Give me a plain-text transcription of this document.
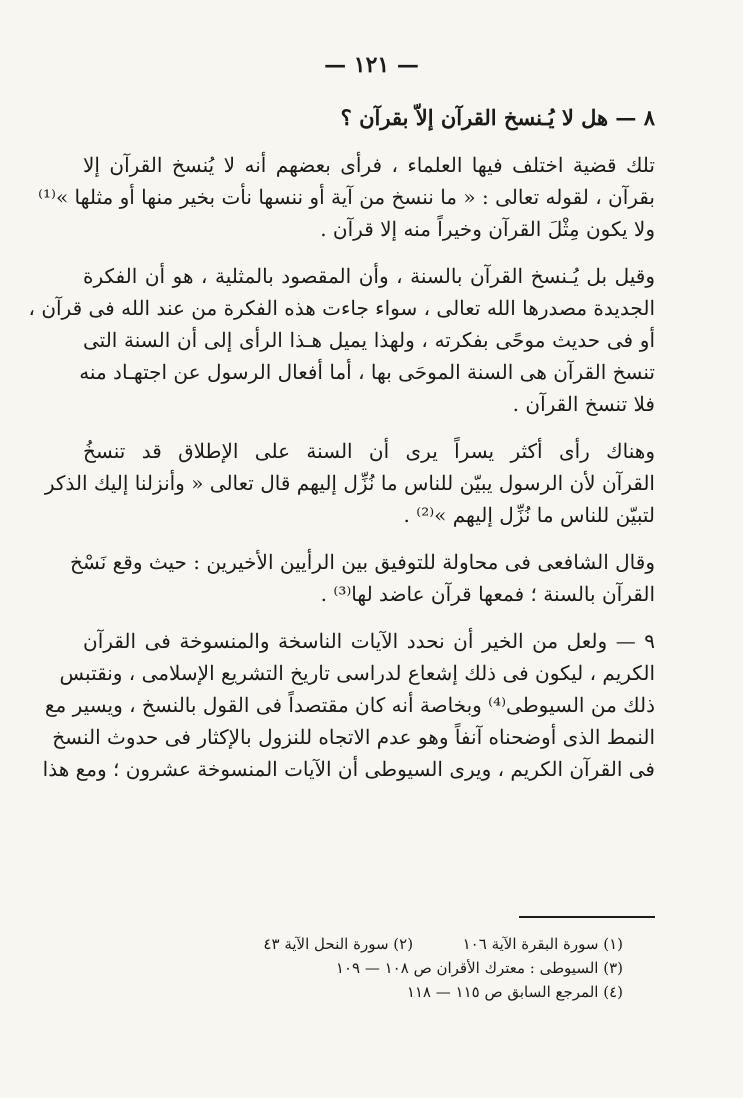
— ١٢١ —
٨ — هل لا يُـنسخ القرآن إلاّ بقرآن ؟
تلك قضية اختلف فيها العلماء ، فرأى بعضهم أنه لا يُنسخ القرآن إلا
بقرآن ، لقوله تعالى : « ما ننسخ من آية أو ننسها نأت بخير منها أو مثلها »⁽¹⁾
ولا يكون مِثْلَ القرآن وخيراً منه إلا قرآن .
وقيل بل يُـنسخ القرآن بالسنة ، وأن المقصود بالمثلية ، هو أن الفكرة
الجديدة مصدرها الله تعالى ، سواء جاءت هذه الفكرة من عند الله فى قرآن ،
أو فى حديث موحًى بفكرته ، ولهذا يميل هـذا الرأى إلى أن السنة التى
تنسخ القرآن هى السنة الموحَى بها ، أما أفعال الرسول عن اجتهـاد منه
فلا تنسخ القرآن .
وهناك رأى أكثر يسراً يرى أن السنة على الإطلاق قد تنسخُ
القرآن لأن الرسول يبيّن للناس ما نُزِّل إليهم قال تعالى « وأنزلنا إليك الذكر
لتبيّن للناس ما نُزِّل إليهم »⁽²⁾ .
وقال الشافعى فى محاولة للتوفيق بين الرأيين الأخيرين : حيث وقع نَسْخ
القرآن بالسنة ؛ فمعها قرآن عاضد لها⁽³⁾ .
٩ — ولعل من الخير أن نحدد الآيات الناسخة والمنسوخة فى القرآن
الكريم ، ليكون فى ذلك إشعاع لدراسى تاريخ التشريع الإسلامى ، ونقتبس
ذلك من السيوطى⁽⁴⁾ وبخاصة أنه كان مقتصداً فى القول بالنسخ ، ويسير مع
النمط الذى أوضحناه آنفاً وهو عدم الاتجاه للنزول بالإكثار فى حدوث النسخ
فى القرآن الكريم ، ويرى السيوطى أن الآيات المنسوخة عشرون ؛ ومع هذا
(١) سورة البقرة الآية ١٠٦  (٢) سورة النحل الآية ٤٣
(٣) السيوطى : معترك الأقران ص ١٠٨ — ١٠٩
(٤) المرجع السابق ص ١١٥ — ١١٨
